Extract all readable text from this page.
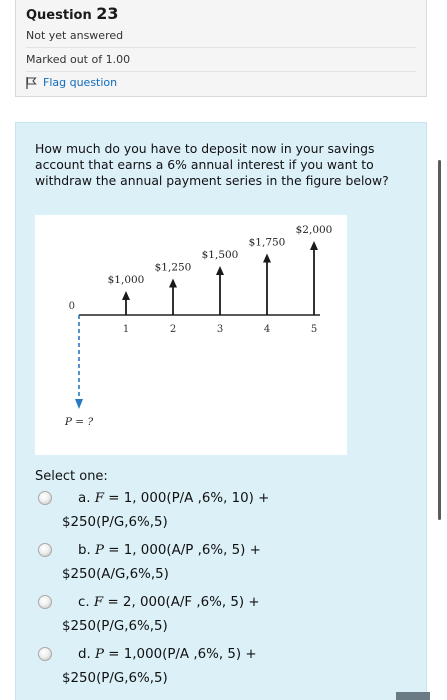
Question 23
Not yet answered
Marked out of 1.00
Flag question
How much do you have to deposit now in your savings account that earns a 6% annual interest if you want to withdraw the annual payment series in the figure below?
0
1	2	3	4	5
$1,000
$1,250
$1,500
$1,750
$2,000
P = ?
Select one:
a. F = 1, 000(P/A ,6%, 10) +
$250(P/G,6%,5)
b. P = 1, 000(A/P ,6%, 5) +
$250(A/G,6%,5)
c. F = 2, 000(A/F ,6%, 5) +
$250(P/G,6%,5)
d. P = 1,000(P/A ,6%, 5) +
$250(P/G,6%,5)
